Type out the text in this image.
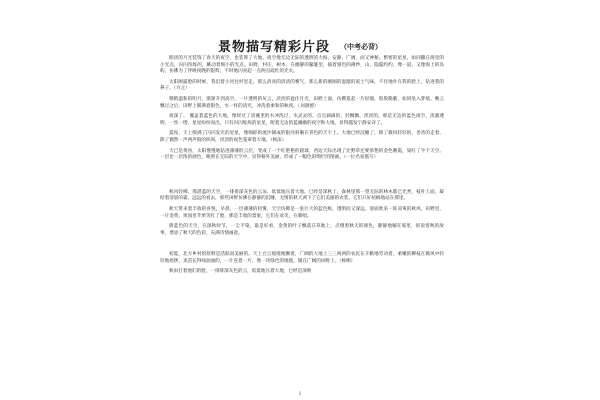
景物描写精彩片段 （中考必背）

睦淡的月光装饰了春天的夜空，也装饰了大地。夜空像无边无际的透明的大海，安静、广阔，而又神秘。繁密的星星，如同撒在海里的小光点，闪闪烁烁的，眺动着细小的光点。田野，村庄，树木，在幽静的朦胧里，披着银色的薄纱，山，隐隐约约，像一道，又像海上的岛屿，仿佛为了伴映夜晚的银辉，不时地闪亮起一点两点疏红的光火。

太阳刚露脸的时候，我沿着小河往村里走，那么清亮的清清的雾气，那么新的刚刚的湿漉的泥土气味，不住地扑在我的脸上，钻进我的鼻子。（方之）

稍稍温和的明月，渐渐升到高空，一片透明的灰云，淡淡的遮住月光，田野上面，仿佛笼起一片轻烟，股股脆脆，如同坠入梦境。晚云飘过之后，田野上铺满着银色，水一样的清光，冲洗着柔和的秋夜。（刘澍德）

夜深了。 覆盖着蓝色的大地，像经过了清溪里的水冲洗过，水灵灵的，点点滴滴的，轻飘飘，淡淡的，那是无边的蓝色夜空，清澈透明，一丝一缕，星星纷纷而出，只有闪闪烁烁的星星，呢着无边的蓝幽幽的夜空和大地，显得越发宁静安详了。

夏夜，天上缀满了闪闪发光的星星，像细碎的流沙铺成的银河斜躺在青色的天宇上。大地已经沉睡了，除了微风轻轻的，善善的走着，除了偶然一声两声狗的吠叫，淡淡的夜色笼罩着大地。（杨沫）

天已是黄昏，太阳慢慢地钻进薄薄的云层，变成了一个红艳艳的圆球，西边天际出现了比野草还要浓艳的金色晚霞，染红了半个天空。一层比一层浓的颜色，映照在无际的天空中，显得格外美丽，形成了一幅色彩绚烂的图画。（一位名家描写）

秋风轻拂，那湛蓝的天空，一排排深灰色的云朵，低低地压着大地。已经是深秋了，森林里那一望无际的林木都已光秃，枝叶上面，凝结着清晨的霜，远远的看去，那些田野仿佛在静静的沉睡，无情的秋天剥下了它们美丽的衣装，它们只好枯槁地站在那里。

秋天带来着丰收的喜悦，早晨，一层薄薄的轻雾，天空仿佛是一张巨大的蓝色纸，透明而又深远。迎面吹来一阵凉爽的秋风，田野里，一片金黄，果园里苹果笑红了脸，那是丰收的景象，它们在欢笑，在歌唱。

蔚蓝色的天空，在深秋时节，一尘不染，最是好看，金黄的叶子飘落在草地上，点缀着秋天的颜色，静静地躺在那里，诉说着秋的故事，增添了秋天的色彩，充满诗情画意。

初夏，北方乡村的原野是活跃而美丽的。天上白云缓缓地飘着，广阔的大地上三三两两的农民在辛勤地劳动着，柔嫩的柳枝在微风中轻轻地摇摆，麦苗长得绿油油的，一片连着一片，像一块绿色的地毯，铺在广阔的田野上。（杨朔）

秋雨打着他们的脸，一排排深灰色的云，低低地压着大地，已经是深秋

1
